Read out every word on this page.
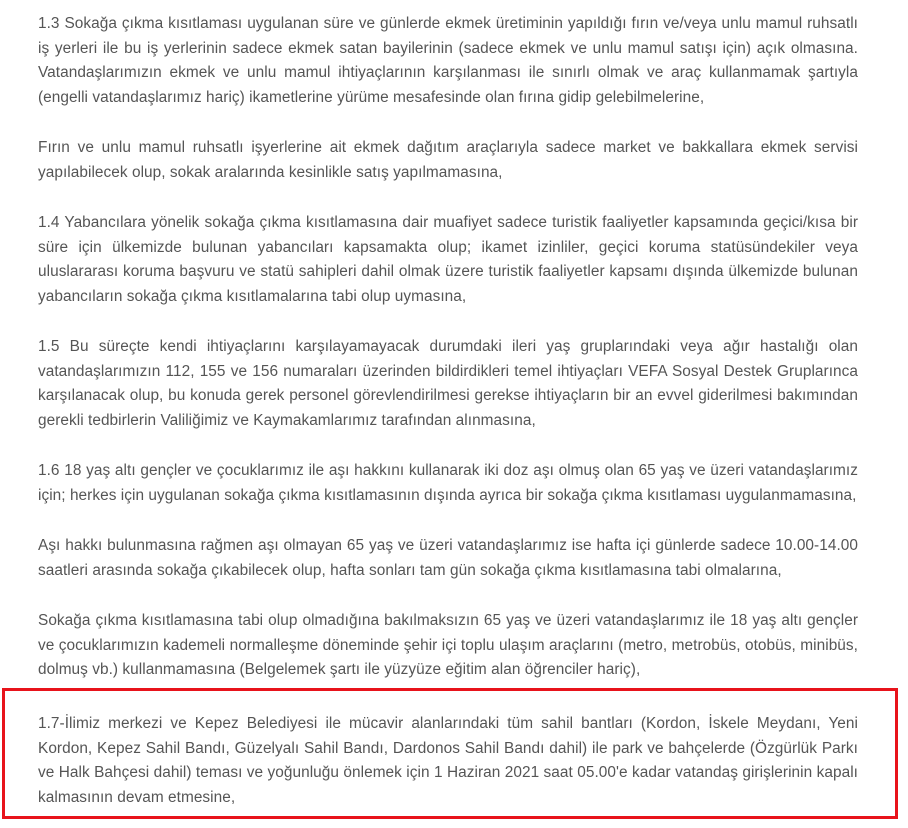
1.3 Sokağa çıkma kısıtlaması uygulanan süre ve günlerde ekmek üretiminin yapıldığı fırın ve/veya unlu mamul ruhsatlı iş yerleri ile bu iş yerlerinin sadece ekmek satan bayilerinin (sadece ekmek ve unlu mamul satışı için) açık olmasına. Vatandaşlarımızın ekmek ve unlu mamul ihtiyaçlarının karşılanması ile sınırlı olmak ve araç kullanmamak şartıyla (engelli vatandaşlarımız hariç) ikametlerine yürüme mesafesinde olan fırına gidip gelebilmelerine,

Fırın ve unlu mamul ruhsatlı işyerlerine ait ekmek dağıtım araçlarıyla sadece market ve bakkallara ekmek servisi yapılabilecek olup, sokak aralarında kesinlikle satış yapılmamasına,

1.4 Yabancılara yönelik sokağa çıkma kısıtlamasına dair muafiyet sadece turistik faaliyetler kapsamında geçici/kısa bir süre için ülkemizde bulunan yabancıları kapsamakta olup; ikamet izinliler, geçici koruma statüsündekiler veya uluslararası koruma başvuru ve statü sahipleri dahil olmak üzere turistik faaliyetler kapsamı dışında ülkemizde bulunan yabancıların sokağa çıkma kısıtlamalarına tabi olup uymasına,

1.5 Bu süreçte kendi ihtiyaçlarını karşılayamayacak durumdaki ileri yaş gruplarındaki veya ağır hastalığı olan vatandaşlarımızın 112, 155 ve 156 numaraları üzerinden bildirdikleri temel ihtiyaçları VEFA Sosyal Destek Gruplarınca karşılanacak olup, bu konuda gerek personel görevlendirilmesi gerekse ihtiyaçların bir an evvel giderilmesi bakımından gerekli tedbirlerin Valiliğimiz ve Kaymakamlarımız tarafından alınmasına,

1.6 18 yaş altı gençler ve çocuklarımız ile aşı hakkını kullanarak iki doz aşı olmuş olan 65 yaş ve üzeri vatandaşlarımız için; herkes için uygulanan sokağa çıkma kısıtlamasının dışında ayrıca bir sokağa çıkma kısıtlaması uygulanmamasına,

Aşı hakkı bulunmasına rağmen aşı olmayan 65 yaş ve üzeri vatandaşlarımız ise hafta içi günlerde sadece 10.00-14.00 saatleri arasında sokağa çıkabilecek olup, hafta sonları tam gün sokağa çıkma kısıtlamasına tabi olmalarına,

Sokağa çıkma kısıtlamasına tabi olup olmadığına bakılmaksızın 65 yaş ve üzeri vatandaşlarımız ile 18 yaş altı gençler ve çocuklarımızın kademeli normalleşme döneminde şehir içi toplu ulaşım araçlarını (metro, metrobüs, otobüs, minibüs, dolmuş vb.) kullanmamasına (Belgelemek şartı ile yüzyüze eğitim alan öğrenciler hariç),

1.7-İlimiz merkezi ve Kepez Belediyesi ile mücavir alanlarındaki tüm sahil bantları (Kordon, İskele Meydanı, Yeni Kordon, Kepez Sahil Bandı, Güzelyalı Sahil Bandı, Dardonos Sahil Bandı dahil) ile park ve bahçelerde (Özgürlük Parkı ve Halk Bahçesi dahil) teması ve yoğunluğu önlemek için 1 Haziran 2021 saat 05.00'e kadar vatandaş girişlerinin kapalı kalmasının devam etmesine,
